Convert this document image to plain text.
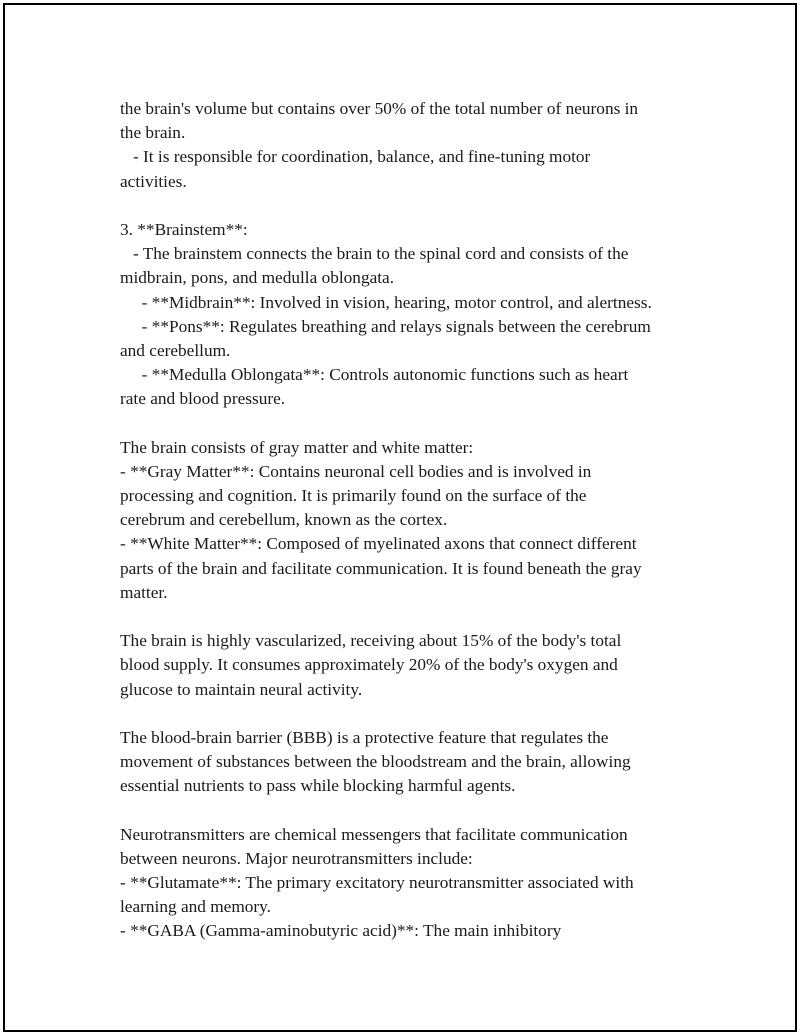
the brain's volume but contains over 50% of the total number of neurons in
the brain.
- It is responsible for coordination, balance, and fine-tuning motor
activities.
3. **Brainstem**:
- The brainstem connects the brain to the spinal cord and consists of the
midbrain, pons, and medulla oblongata.
- **Midbrain**: Involved in vision, hearing, motor control, and alertness.
- **Pons**: Regulates breathing and relays signals between the cerebrum
and cerebellum.
- **Medulla Oblongata**: Controls autonomic functions such as heart
rate and blood pressure.
The brain consists of gray matter and white matter:
- **Gray Matter**: Contains neuronal cell bodies and is involved in
processing and cognition. It is primarily found on the surface of the
cerebrum and cerebellum, known as the cortex.
- **White Matter**: Composed of myelinated axons that connect different
parts of the brain and facilitate communication. It is found beneath the gray
matter.
The brain is highly vascularized, receiving about 15% of the body's total
blood supply. It consumes approximately 20% of the body's oxygen and
glucose to maintain neural activity.
The blood-brain barrier (BBB) is a protective feature that regulates the
movement of substances between the bloodstream and the brain, allowing
essential nutrients to pass while blocking harmful agents.
Neurotransmitters are chemical messengers that facilitate communication
between neurons. Major neurotransmitters include:
- **Glutamate**: The primary excitatory neurotransmitter associated with
learning and memory.
- **GABA (Gamma-aminobutyric acid)**: The main inhibitory
